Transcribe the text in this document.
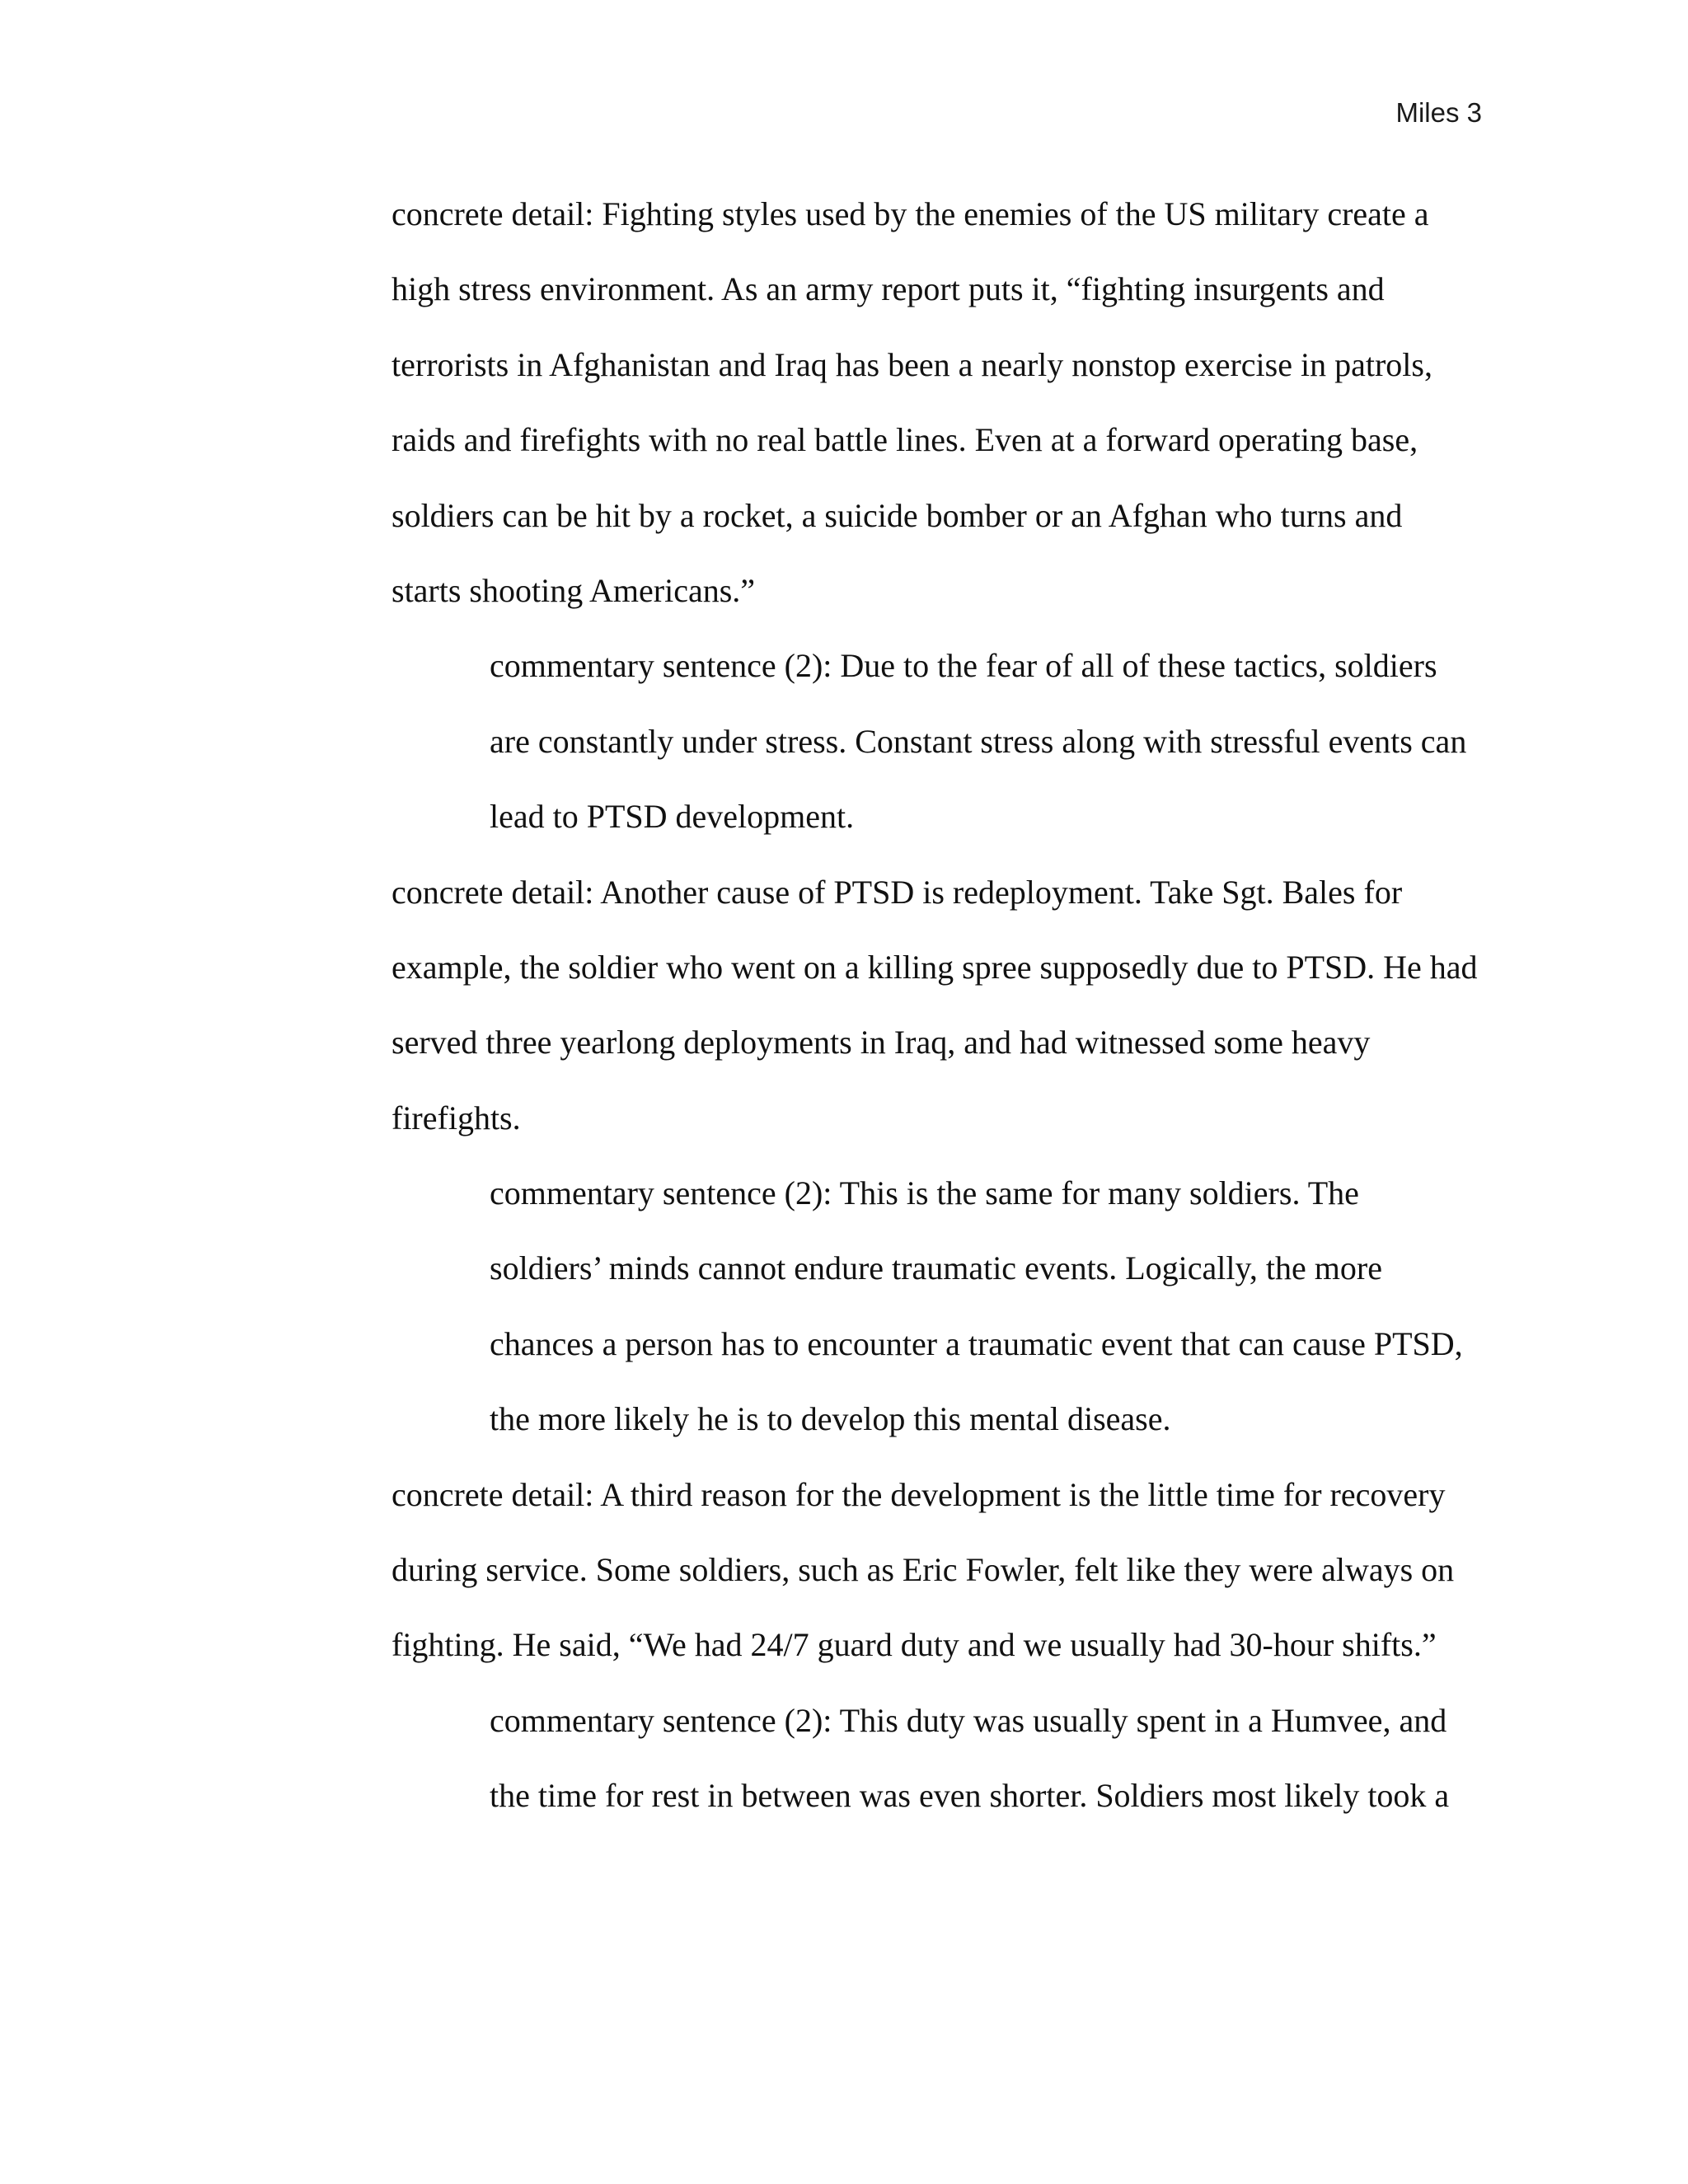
Miles 3
concrete detail: Fighting styles used by the enemies of the US military create a
high stress environment. As an army report puts it, “fighting insurgents and
terrorists in Afghanistan and Iraq has been a nearly nonstop exercise in patrols,
raids and firefights with no real battle lines. Even at a forward operating base,
soldiers can be hit by a rocket, a suicide bomber or an Afghan who turns and
starts shooting Americans.”
commentary sentence (2): Due to the fear of all of these tactics, soldiers
are constantly under stress. Constant stress along with stressful events can
lead to PTSD development.
concrete detail: Another cause of PTSD is redeployment. Take Sgt. Bales for
example, the soldier who went on a killing spree supposedly due to PTSD. He had
served three yearlong deployments in Iraq, and had witnessed some heavy
firefights.
commentary sentence (2): This is the same for many soldiers. The
soldiers’ minds cannot endure traumatic events. Logically, the more
chances a person has to encounter a traumatic event that can cause PTSD,
the more likely he is to develop this mental disease.
concrete detail: A third reason for the development is the little time for recovery
during service. Some soldiers, such as Eric Fowler, felt like they were always on
fighting. He said, “We had 24/7 guard duty and we usually had 30-hour shifts.”
commentary sentence (2): This duty was usually spent in a Humvee, and
the time for rest in between was even shorter. Soldiers most likely took a
